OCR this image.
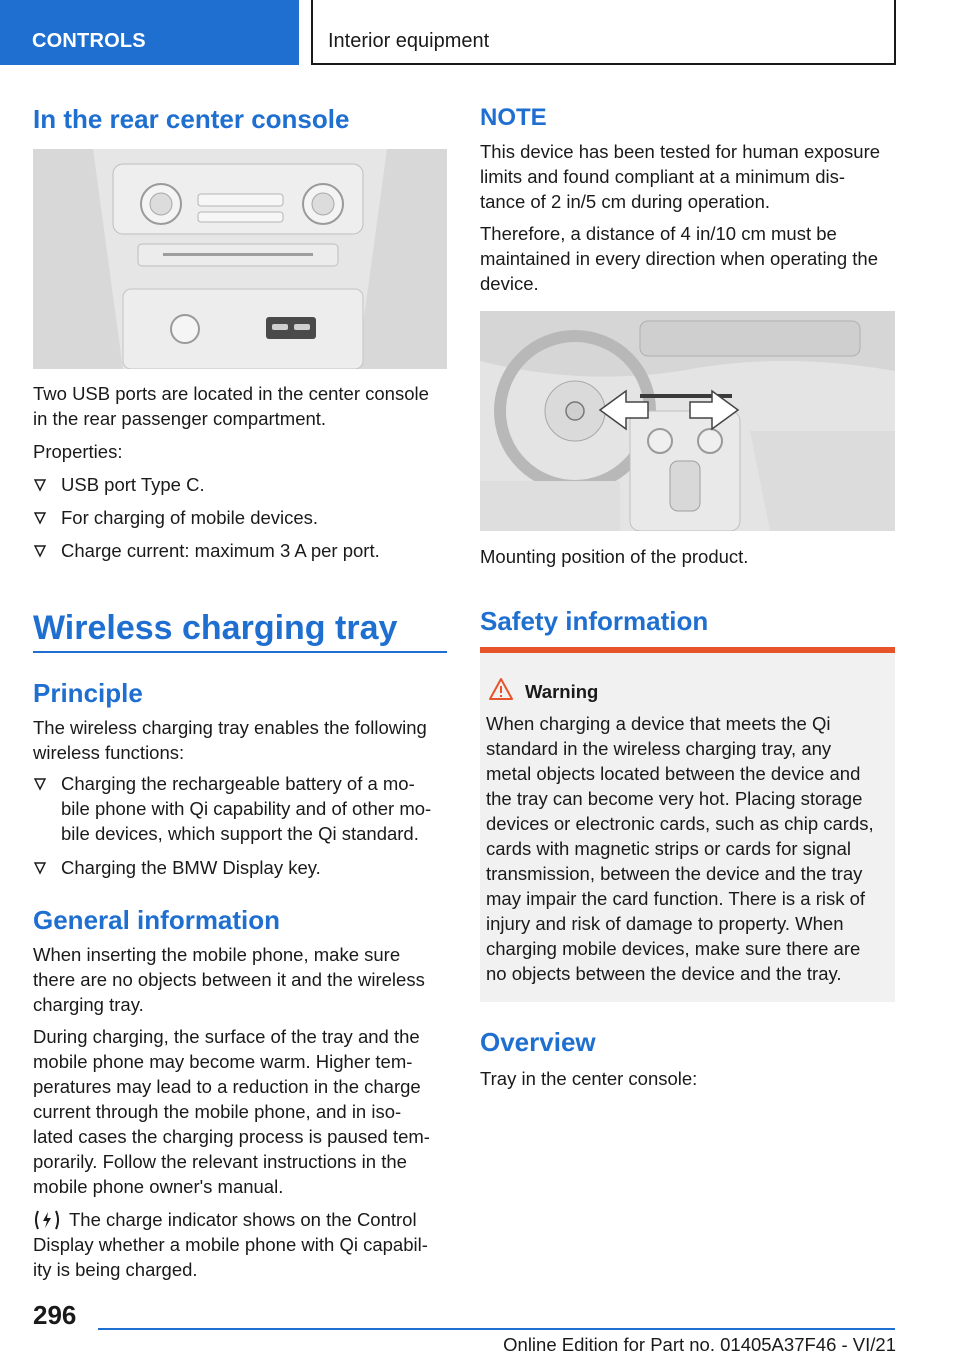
CONTROLS	Interior equipment
In the rear center console
Two USB ports are located in the center console
in the rear passenger compartment.
Properties:
USB port Type C.
For charging of mobile devices.
Charge current: maximum 3 A per port.
Wireless charging tray
Principle
The wireless charging tray enables the following
wireless functions:
Charging the rechargeable battery of a mo-
bile phone with Qi capability and of other mo-
bile devices, which support the Qi standard.
Charging the BMW Display key.
General information
When inserting the mobile phone, make sure
there are no objects between it and the wireless
charging tray.
During charging, the surface of the tray and the
mobile phone may become warm. Higher tem-
peratures may lead to a reduction in the charge
current through the mobile phone, and in iso-
lated cases the charging process is paused tem-
porarily. Follow the relevant instructions in the
mobile phone owner's manual.
The charge indicator shows on the Control
Display whether a mobile phone with Qi capabil-
ity is being charged.
NOTE
This device has been tested for human exposure
limits and found compliant at a minimum dis-
tance of 2 in/5 cm during operation.
Therefore, a distance of 4 in/10 cm must be
maintained in every direction when operating the
device.
Mounting position of the product.
Safety information
Warning
When charging a device that meets the Qi
standard in the wireless charging tray, any
metal objects located between the device and
the tray can become very hot. Placing storage
devices or electronic cards, such as chip cards,
cards with magnetic strips or cards for signal
transmission, between the device and the tray
may impair the card function. There is a risk of
injury and risk of damage to property. When
charging mobile devices, make sure there are
no objects between the device and the tray.
Overview
Tray in the center console:
296
Online Edition for Part no. 01405A37F46 - VI/21
